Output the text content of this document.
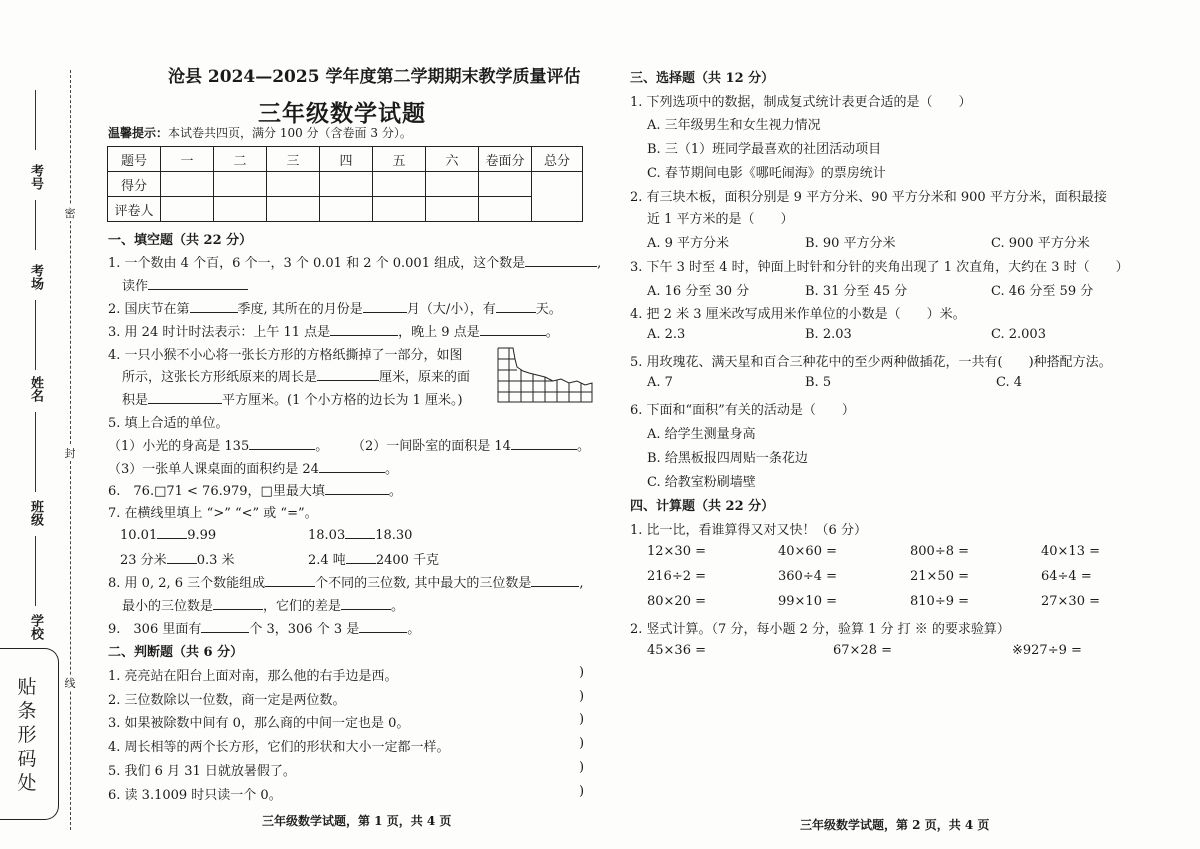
考号
考场
姓名
班级
学校
密
封
线
贴条形码处
沧县 2024—2025 学年度第二学期期末教学质量评估
三年级数学试题
温馨提示：本试卷共四页，满分 100 分（含卷面 3 分）。
题号	一	二	三	四	五	六	卷面分	总分
得分								
评卷人								
一、填空题（共 22 分）
1. 一个数由 4 个百，6 个一，3 个 0.01 和 2 个 0.001 组成，这个数是	,
读作
2. 国庆节在第	季度, 其所在的月份是	月（大/小），有	天。
3. 用 24 时计时法表示：上午 11 点是	，晚上 9 点是	。
4. 一只小猴不小心将一张长方形的方格纸撕掉了一部分，如图
所示，这张长方形纸原来的周长是	厘米，原来的面
积是	平方厘米。(1 个小方格的边长为 1 厘米。)
5. 填上合适的单位。
（1）小光的身高是 135	。 （2）一间卧室的面积是 14	。
（3）一张单人课桌面的面积约是 24	。
6.　76.□71 < 76.979，□里最大填	。
7. 在横线里填上 “>” “<” 或 “=”。
10.01 9.99	18.03 18.30
23 分米 0.3 米	2.4 吨 2400 千克
8. 用 0, 2, 6 三个数能组成	个不同的三位数, 其中最大的三位数是	,
最小的三位数是	，它们的差是	。
9.　306 里面有	个 3，306 个 3 是	。
二、判断题（共 6 分）
1. 亮亮站在阳台上面对南，那么他的右手边是西。
2. 三位数除以一位数，商一定是两位数。
3. 如果被除数中间有 0，那么商的中间一定也是 0。
4. 周长相等的两个长方形，它们的形状和大小一定都一样。
5. 我们 6 月 31 日就放暑假了。
6. 读 3.1009 时只读一个 0。
)
)
)
)
)
)
三年级数学试题，第 1 页，共 4 页
三、选择题（共 12 分）
1. 下列选项中的数据，制成复式统计表更合适的是（　　）
A. 三年级男生和女生视力情况
B. 三（1）班同学最喜欢的社团活动项目
C. 春节期间电影《哪吒闹海》的票房统计
2. 有三块木板，面积分别是 9 平方分米、90 平方分米和 900 平方分米，面积最接
近 1 平方米的是（　　）
A. 9 平方分米	B. 90 平方分米	C. 900 平方分米
3. 下午 3 时至 4 时，钟面上时针和分针的夹角出现了 1 次直角，大约在 3 时（　　）
A. 16 分至 30 分	B. 31 分至 45 分	C. 46 分至 59 分
4. 把 2 米 3 厘米改写成用米作单位的小数是（　　）米。
A. 2.3	B. 2.03	C. 2.003
5. 用玫瑰花、满天星和百合三种花中的至少两种做插花，一共有(　　)种搭配方法。
A. 7	B. 5	C. 4
6. 下面和“面积”有关的活动是（　　）
A. 给学生测量身高
B. 给黑板报四周贴一条花边
C. 给教室粉刷墙壁
四、计算题（共 22 分）
1. 比一比，看谁算得又对又快！（6 分）
12×30 =	40×60 =	800÷8 =	40×13 =
216÷2 =	360÷4 =	21×50 =	64÷4 =
80×20 =	99×10 =	810÷9 =	27×30 =
2. 竖式计算。（7 分，每小题 2 分，验算 1 分 打 ※ 的要求验算）
45×36 =	67×28 =	※927÷9 =
三年级数学试题，第 2 页，共 4 页
